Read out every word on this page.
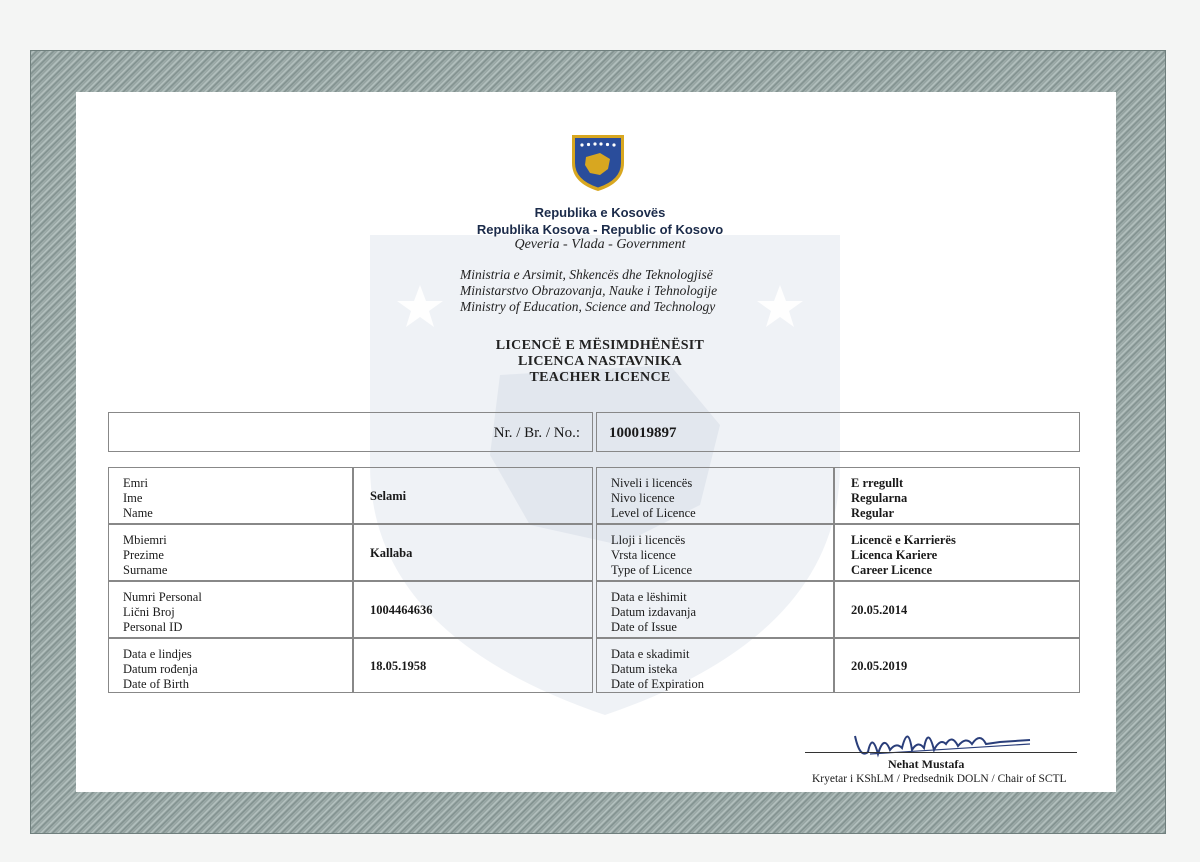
Republika e Kosovës
Republika Kosova - Republic of Kosovo
Qeveria - Vlada - Government
Ministria e Arsimit, Shkencës dhe Teknologjisë
Ministarstvo Obrazovanja, Nauke i Tehnologije
Ministry of Education, Science and Technology
LICENCË E MËSIMDHËNËSIT
LICENCA NASTAVNIKA
TEACHER LICENCE
Nr. / Br. / No.: 100019897
Emri
Ime
Name
Selami
Mbiemri
Prezime
Surname
Kallaba
Numri Personal
Lični Broj
Personal ID
1004464636
Data e lindjes
Datum rođenja
Date of Birth
18.05.1958
Niveli i licencës
Nivo licence
Level of Licence
E rregullt
Regularna
Regular
Lloji i licencës
Vrsta licence
Type of Licence
Licencë e Karrierës
Licenca Kariere
Career Licence
Data e lëshimit
Datum izdavanja
Date of Issue
20.05.2014
Data e skadimit
Datum isteka
Date of Expiration
20.05.2019
Nehat Mustafa
Kryetar i KShLM / Predsednik DOLN / Chair of SCTL
